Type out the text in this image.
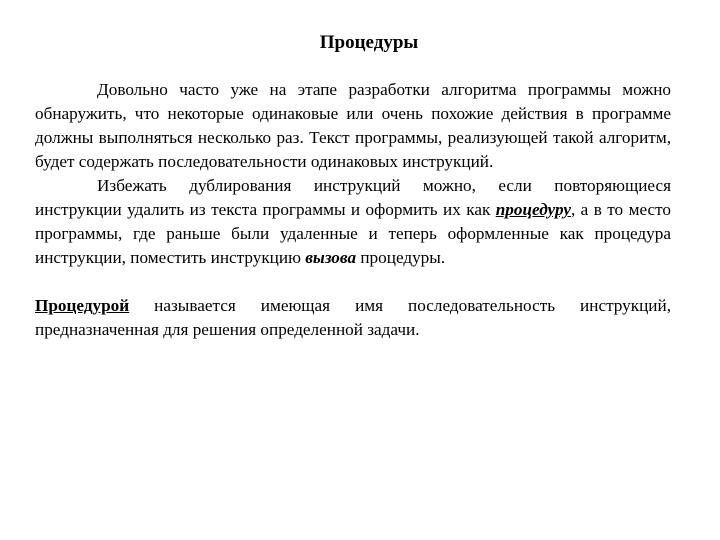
Процедуры

Довольно часто уже на этапе разработки алгоритма программы можно обнаружить, что некоторые одинаковые или очень похожие действия в программе должны выполняться несколько раз. Текст программы, реализующей такой алгоритм, будет содержать последовательности одинаковых инструкций.

Избежать дублирования инструкций можно, если повторяющиеся инструкции удалить из текста программы и оформить их как процедуру, а в то место программы, где раньше были удаленные и теперь оформленные как процедура инструкции, поместить инструкцию вызова процедуры.

Процедурой называется имеющая имя последовательность инструкций, предназначенная для решения определенной задачи.
